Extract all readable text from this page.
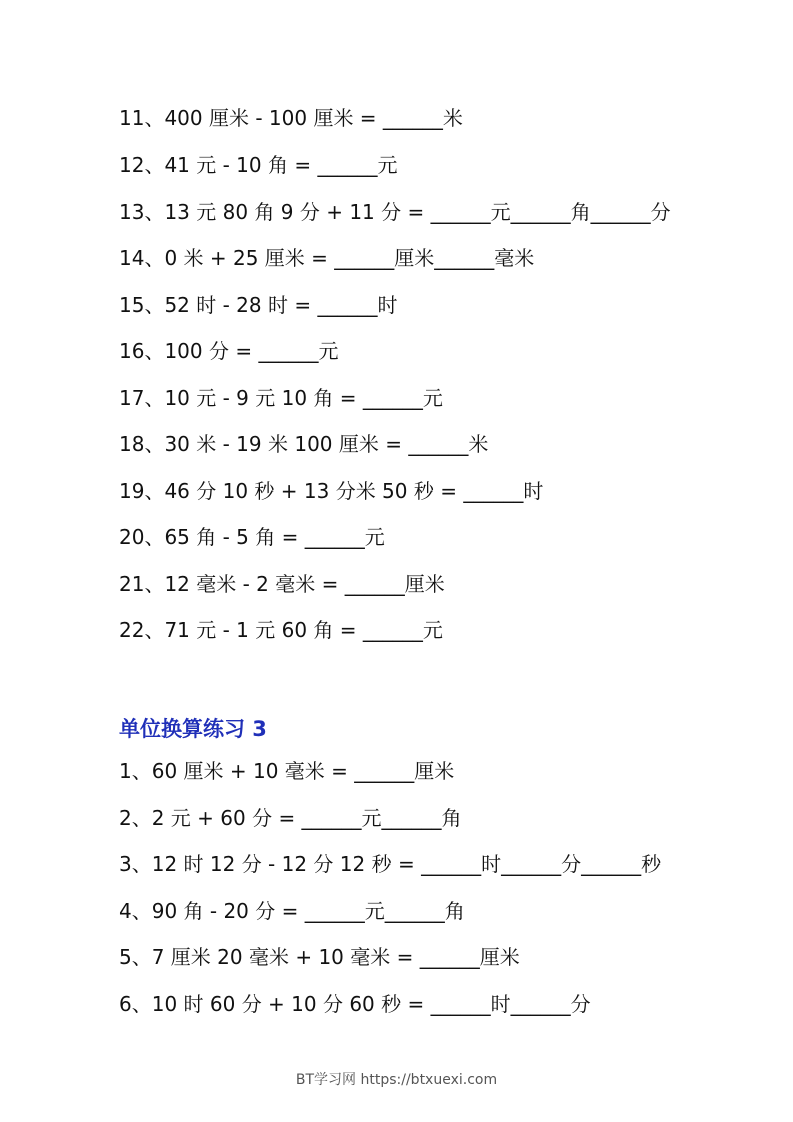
11、400 厘米 - 100 厘米 = ______米
12、41 元 - 10 角 = ______元
13、13 元 80 角 9 分 + 11 分 = ______元______角______分
14、0 米 + 25 厘米 = ______厘米______毫米
15、52 时 - 28 时 = ______时
16、100 分 = ______元
17、10 元 - 9 元 10 角 = ______元
18、30 米 - 19 米 100 厘米 = ______米
19、46 分 10 秒 + 13 分米 50 秒 = ______时
20、65 角 - 5 角 = ______元
21、12 毫米 - 2 毫米 = ______厘米
22、71 元 - 1 元 60 角 = ______元
单位换算练习 3
1、60 厘米 + 10 毫米 = ______厘米
2、2 元 + 60 分 = ______元______角
3、12 时 12 分 - 12 分 12 秒 = ______时______分______秒
4、90 角 - 20 分 = ______元______角
5、7 厘米 20 毫米 + 10 毫米 = ______厘米
6、10 时 60 分 + 10 分 60 秒 = ______时______分
BT学习网 https://btxuexi.com
